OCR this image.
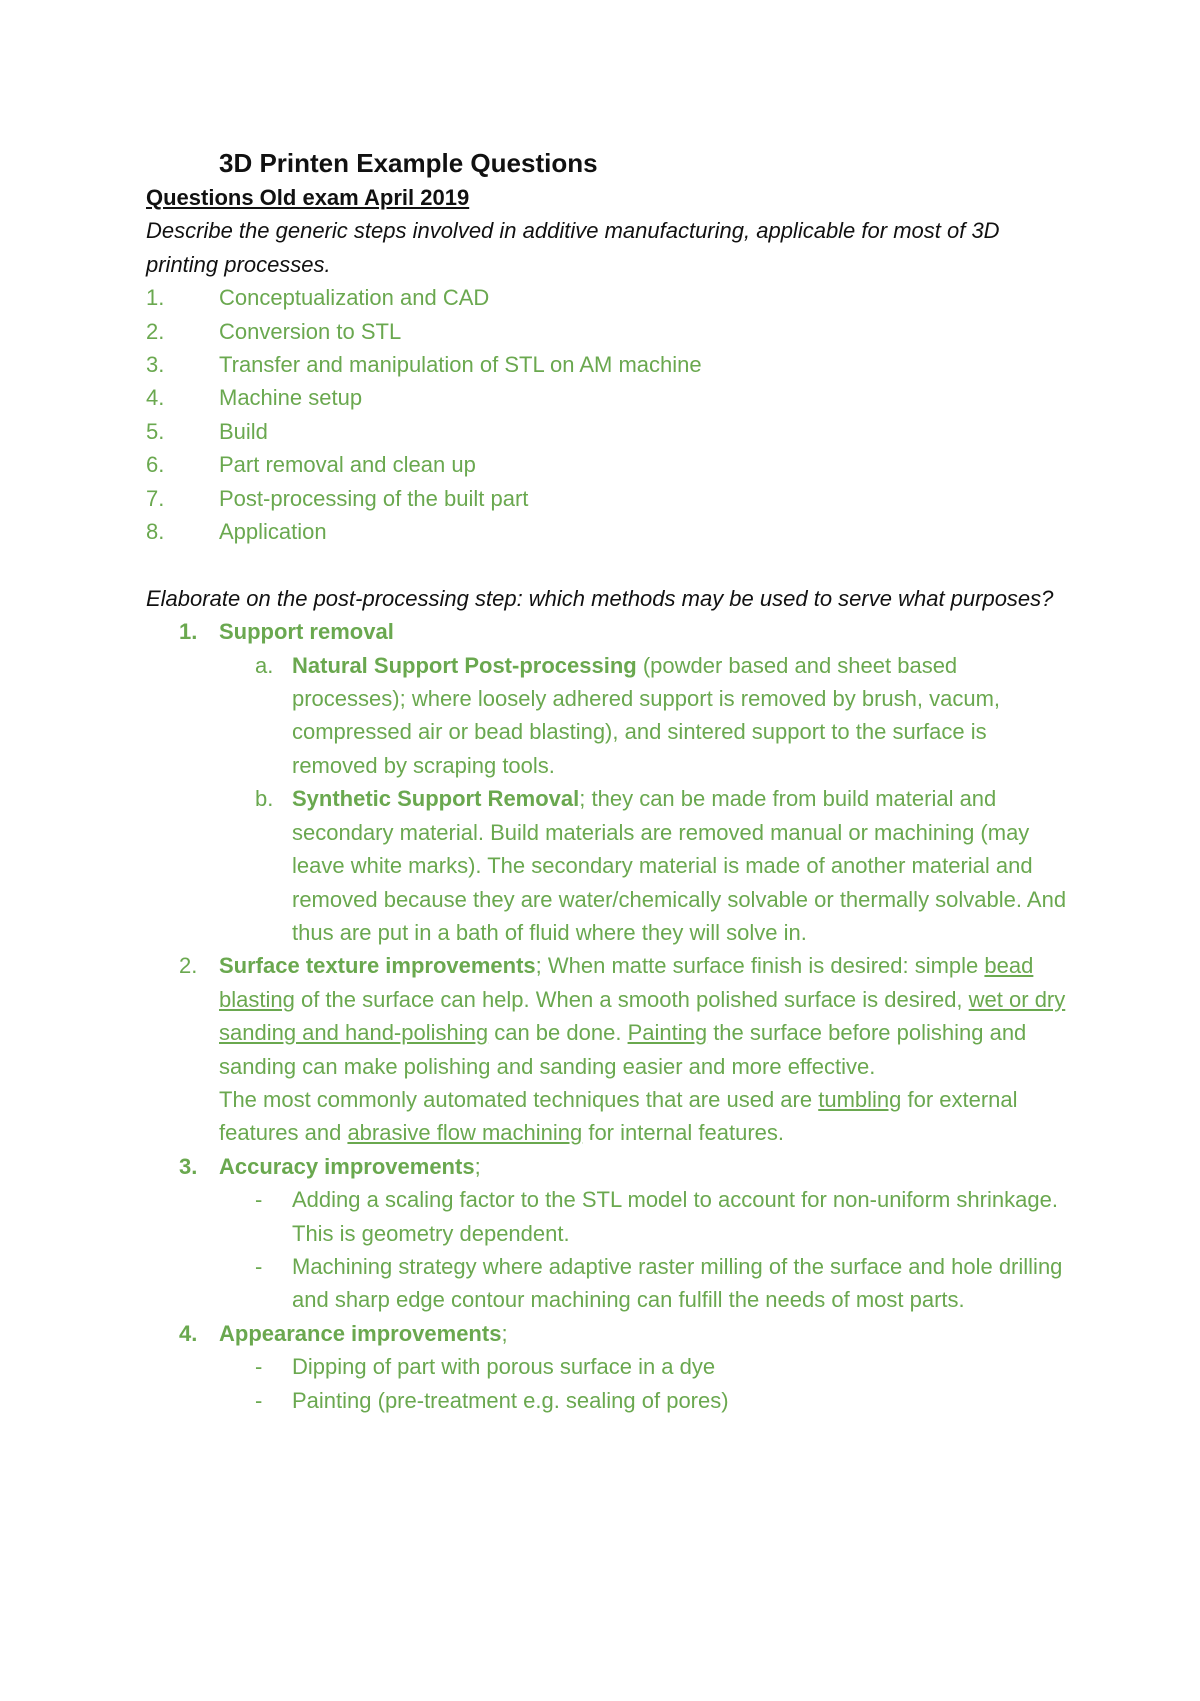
3D Printen Example Questions
Questions Old exam April 2019
Describe the generic steps involved in additive manufacturing, applicable for most of 3D printing processes.
1.	Conceptualization and CAD
2.	Conversion to STL
3.	Transfer and manipulation of STL on AM machine
4.	Machine setup
5.	Build
6.	Part removal and clean up
7.	Post-processing of the built part
8.	Application
Elaborate on the post-processing step: which methods may be used to serve what purposes?
1. Support removal
a. Natural Support Post-processing (powder based and sheet based processes); where loosely adhered support is removed by brush, vacum, compressed air or bead blasting), and sintered support to the surface is removed by scraping tools.
b. Synthetic Support Removal; they can be made from build material and secondary material. Build materials are removed manual or machining (may leave white marks). The secondary material is made of another material and removed because they are water/chemically solvable or thermally solvable. And thus are put in a bath of fluid where they will solve in.
2. Surface texture improvements; When matte surface finish is desired: simple bead blasting of the surface can help. When a smooth polished surface is desired, wet or dry sanding and hand-polishing can be done. Painting the surface before polishing and sanding can make polishing and sanding easier and more effective.
The most commonly automated techniques that are used are tumbling for external features and abrasive flow machining for internal features.
3. Accuracy improvements;
-	Adding a scaling factor to the STL model to account for non-uniform shrinkage. This is geometry dependent.
-	Machining strategy where adaptive raster milling of the surface and hole drilling and sharp edge contour machining can fulfill the needs of most parts.
4. Appearance improvements;
-	Dipping of part with porous surface in a dye
-	Painting (pre-treatment e.g. sealing of pores)
